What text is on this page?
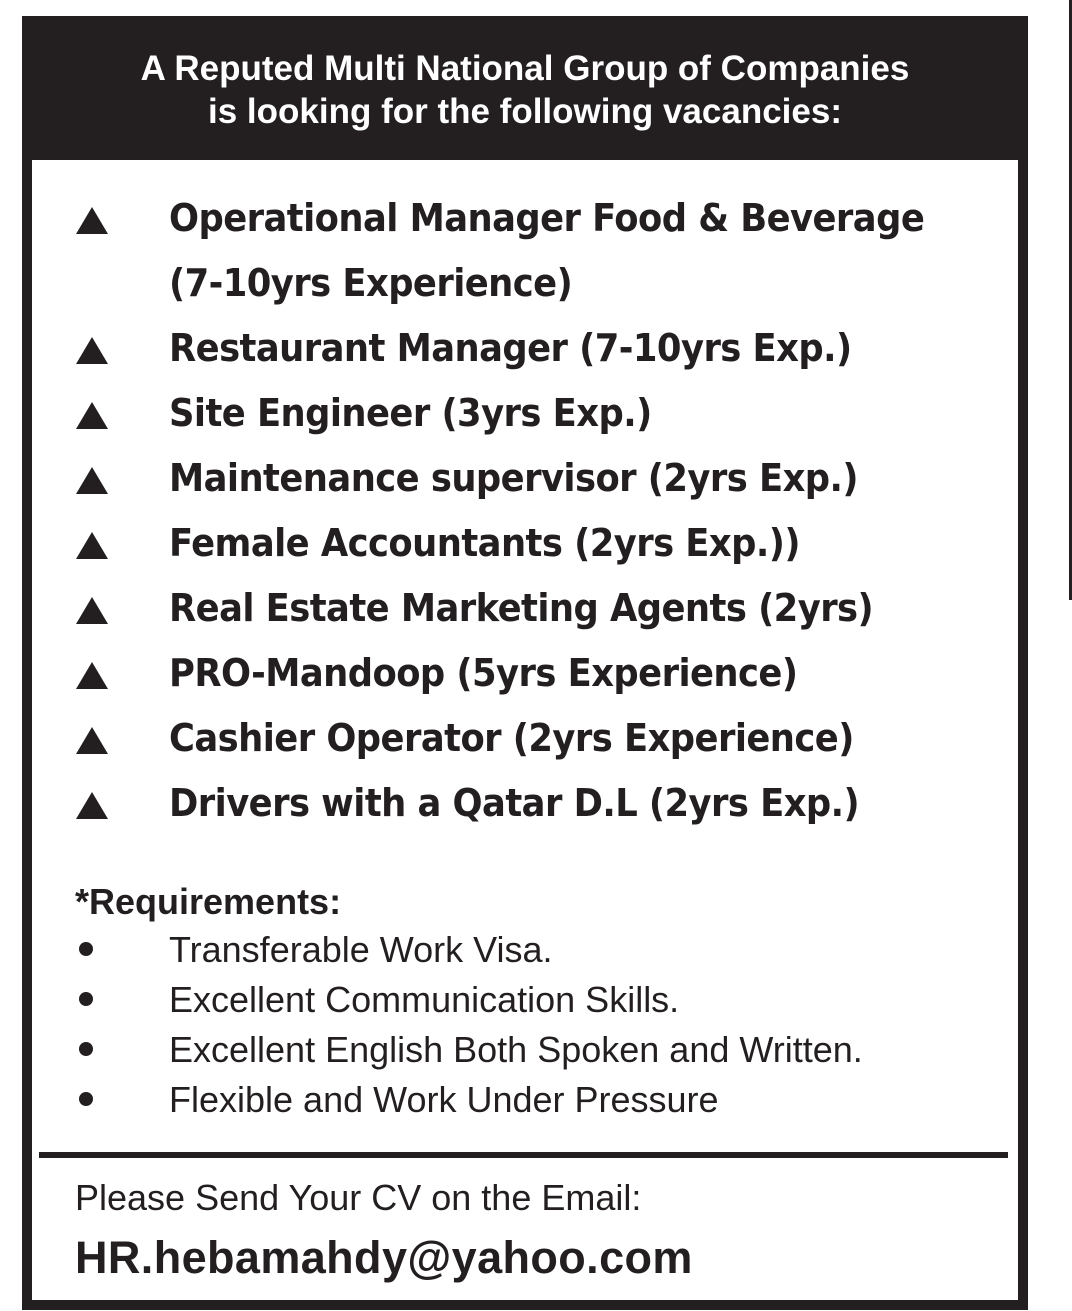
A Reputed Multi National Group of Companies
is looking for the following vacancies:
Operational Manager Food & Beverage
(7-10yrs Experience)
Restaurant Manager (7-10yrs Exp.)
Site Engineer (3yrs Exp.)
Maintenance supervisor (2yrs Exp.)
Female Accountants (2yrs Exp.))
Real Estate Marketing Agents (2yrs)
PRO-Mandoop (5yrs Experience)
Cashier Operator (2yrs Experience)
Drivers with a Qatar D.L (2yrs Exp.)
*Requirements:
Transferable Work Visa.
Excellent Communication Skills.
Excellent English Both Spoken and Written.
Flexible and Work Under Pressure
Please Send Your CV on the Email:
HR.hebamahdy@yahoo.com
